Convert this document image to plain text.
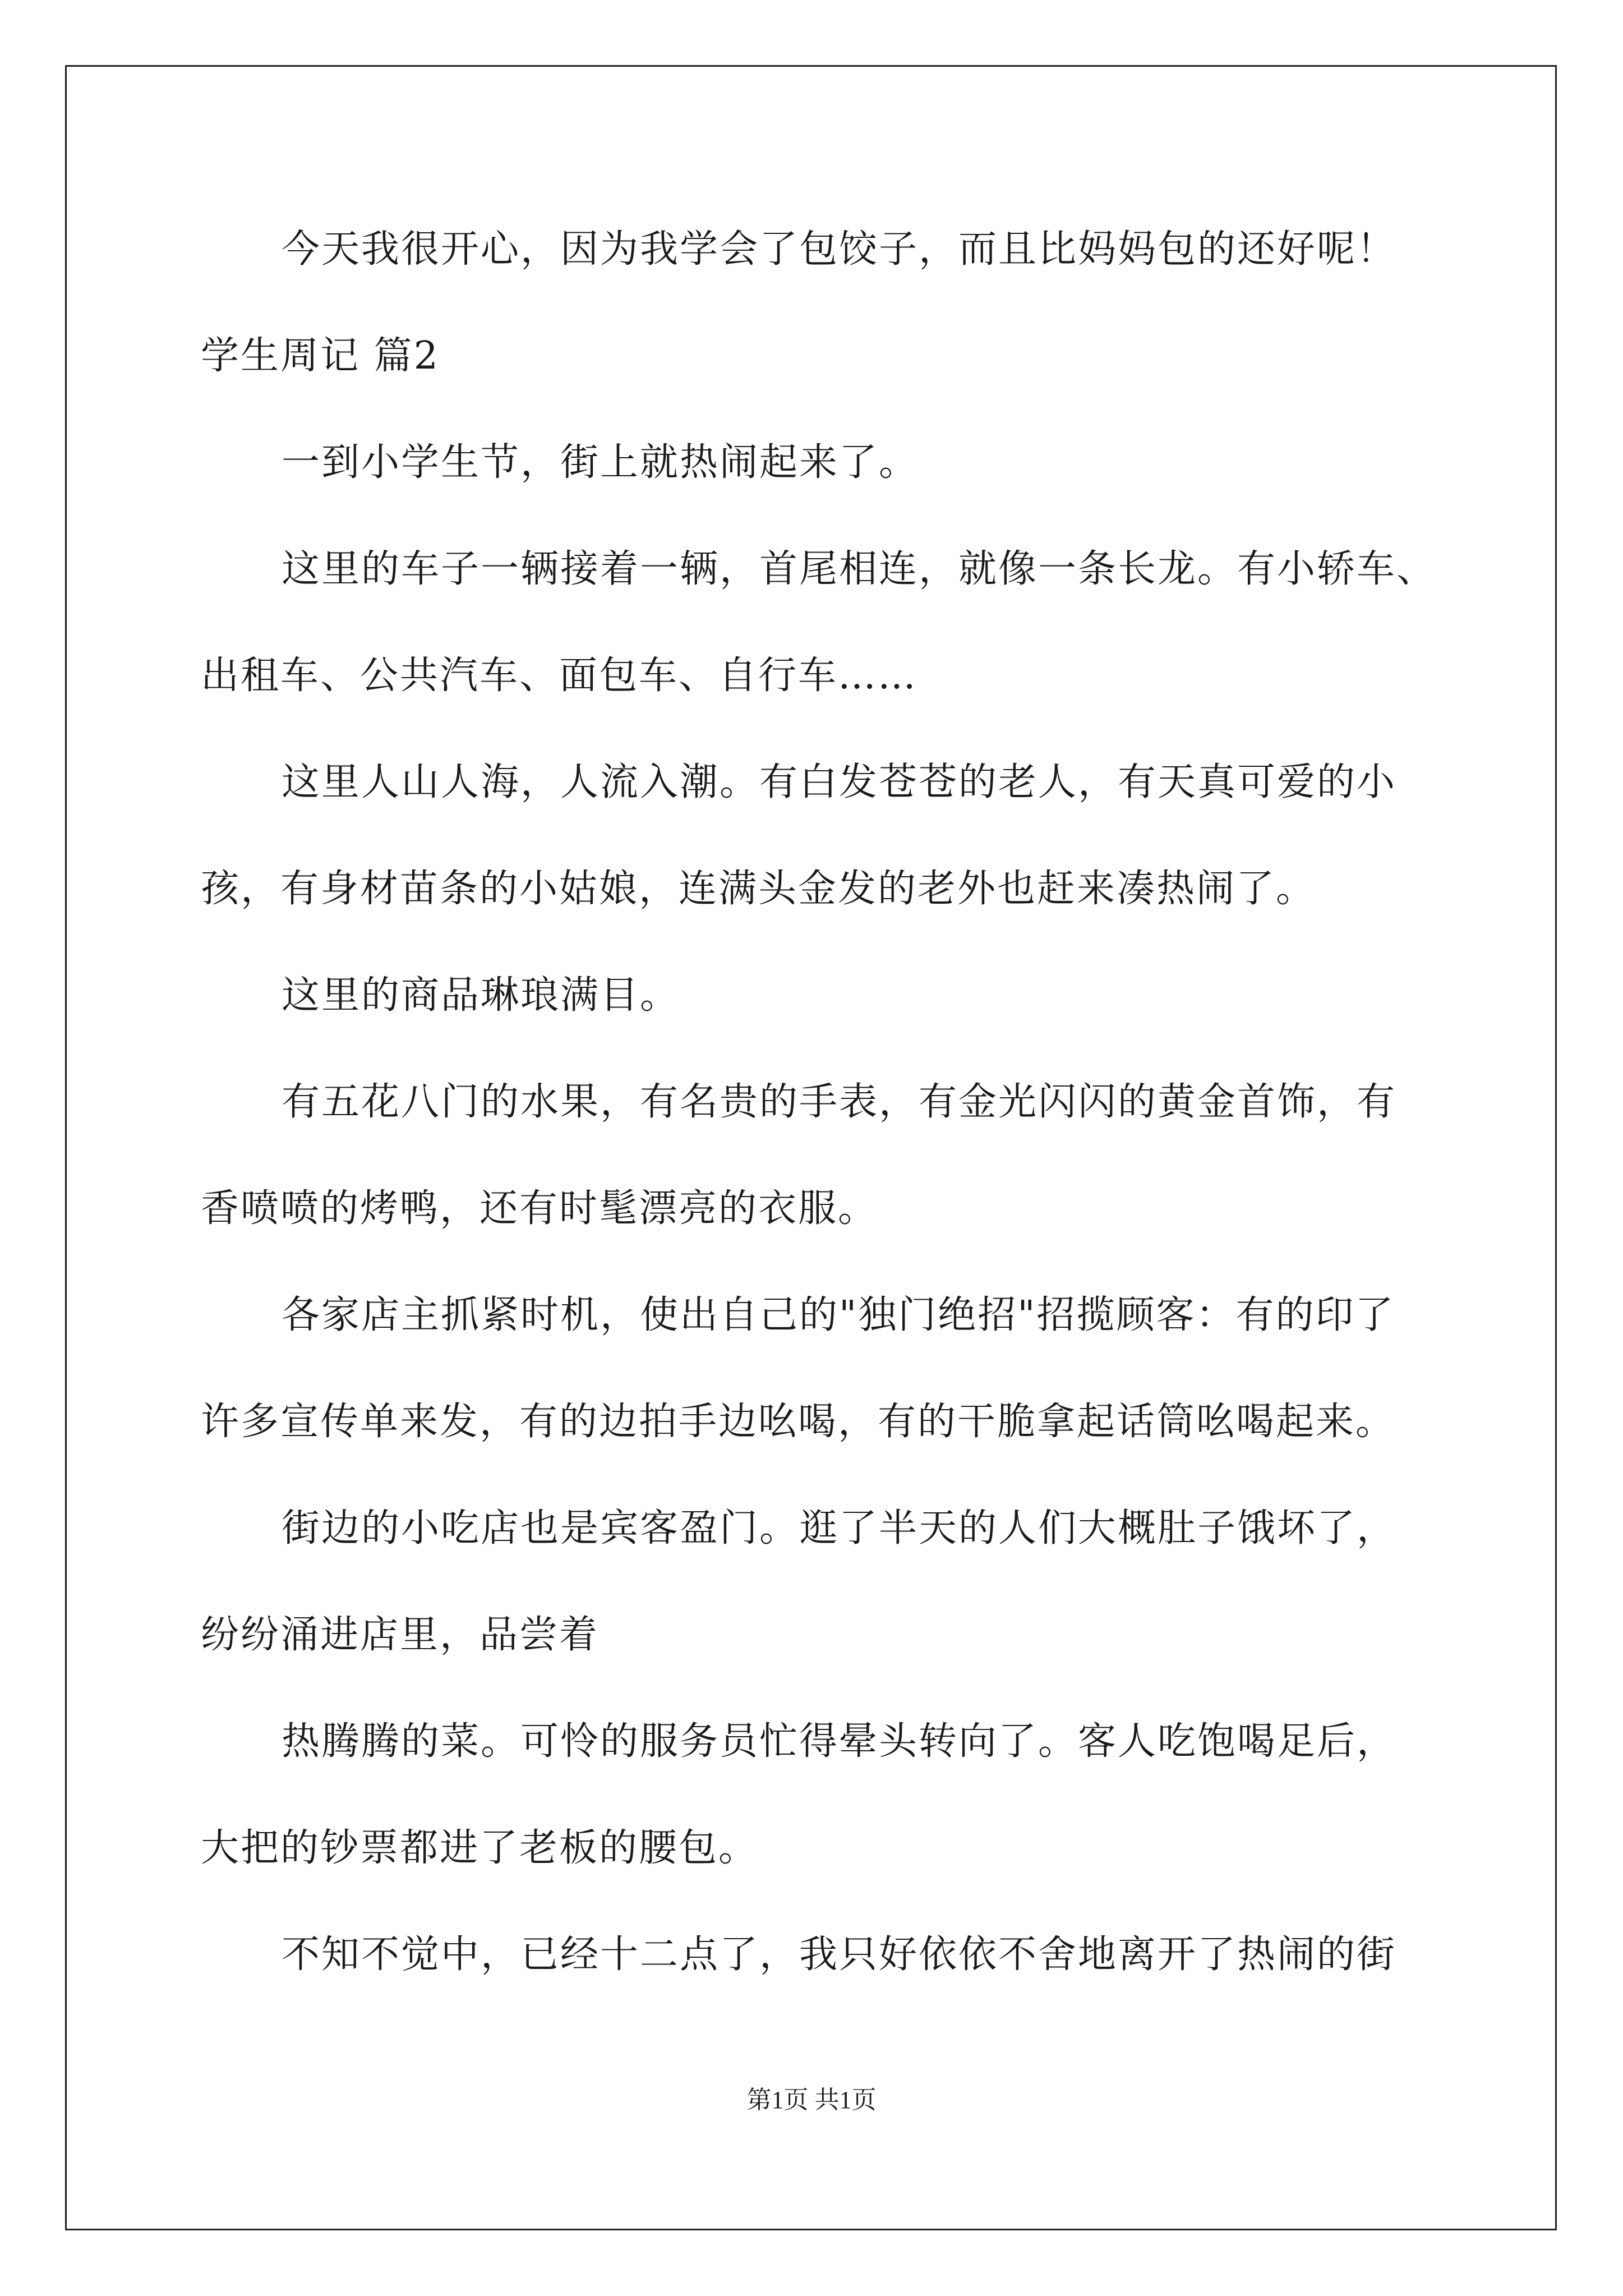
今天我很开心，因为我学会了包饺子，而且比妈妈包的还好呢！
学生周记 篇2
一到小学生节，街上就热闹起来了。
这里的车子一辆接着一辆，首尾相连，就像一条长龙。有小轿车、
出租车、公共汽车、面包车、自行车……
这里人山人海，人流入潮。有白发苍苍的老人，有天真可爱的小
孩，有身材苗条的小姑娘，连满头金发的老外也赶来凑热闹了。
这里的商品琳琅满目。
有五花八门的水果，有名贵的手表，有金光闪闪的黄金首饰，有
香喷喷的烤鸭，还有时髦漂亮的衣服。
各家店主抓紧时机，使出自己的"独门绝招"招揽顾客：有的印了
许多宣传单来发，有的边拍手边吆喝，有的干脆拿起话筒吆喝起来。
街边的小吃店也是宾客盈门。逛了半天的人们大概肚子饿坏了，
纷纷涌进店里，品尝着
热腾腾的菜。可怜的服务员忙得晕头转向了。客人吃饱喝足后，
大把的钞票都进了老板的腰包。
不知不觉中，已经十二点了，我只好依依不舍地离开了热闹的街
第1页 共1页
